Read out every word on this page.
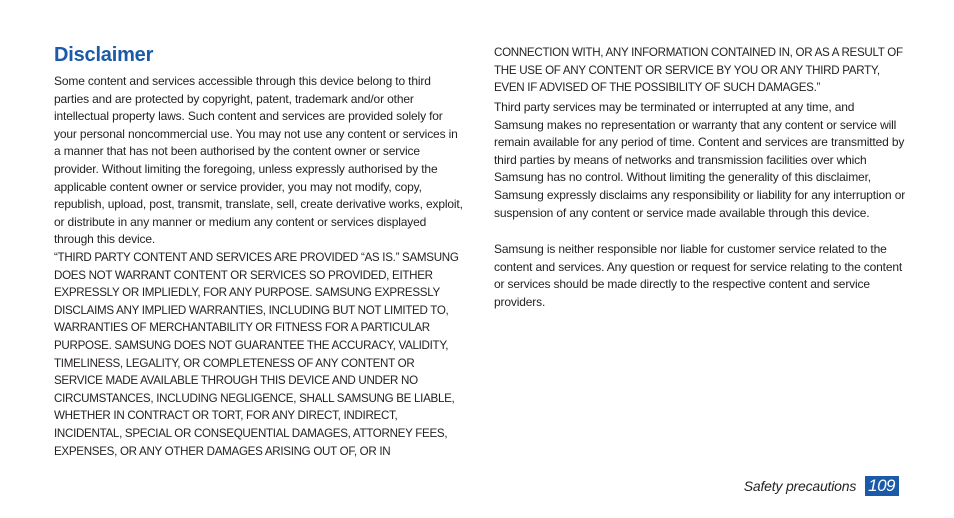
Disclaimer

Some content and services accessible through this device belong to third parties and are protected by copyright, patent, trademark and/or other intellectual property laws. Such content and services are provided solely for your personal noncommercial use. You may not use any content or services in a manner that has not been authorised by the content owner or service provider. Without limiting the foregoing, unless expressly authorised by the applicable content owner or service provider, you may not modify, copy, republish, upload, post, transmit, translate, sell, create derivative works, exploit, or distribute in any manner or medium any content or services displayed through this device.

“THIRD PARTY CONTENT AND SERVICES ARE PROVIDED “AS IS.” SAMSUNG DOES NOT WARRANT CONTENT OR SERVICES SO PROVIDED, EITHER EXPRESSLY OR IMPLIEDLY, FOR ANY PURPOSE. SAMSUNG EXPRESSLY DISCLAIMS ANY IMPLIED WARRANTIES, INCLUDING BUT NOT LIMITED TO, WARRANTIES OF MERCHANTABILITY OR FITNESS FOR A PARTICULAR PURPOSE. SAMSUNG DOES NOT GUARANTEE THE ACCURACY, VALIDITY, TIMELINESS, LEGALITY, OR COMPLETENESS OF ANY CONTENT OR SERVICE MADE AVAILABLE THROUGH THIS DEVICE AND UNDER NO CIRCUMSTANCES, INCLUDING NEGLIGENCE, SHALL SAMSUNG BE LIABLE, WHETHER IN CONTRACT OR TORT, FOR ANY DIRECT, INDIRECT, INCIDENTAL, SPECIAL OR CONSEQUENTIAL DAMAGES, ATTORNEY FEES, EXPENSES, OR ANY OTHER DAMAGES ARISING OUT OF, OR IN

CONNECTION WITH, ANY INFORMATION CONTAINED IN, OR AS A RESULT OF THE USE OF ANY CONTENT OR SERVICE BY YOU OR ANY THIRD PARTY, EVEN IF ADVISED OF THE POSSIBILITY OF SUCH DAMAGES.”

Third party services may be terminated or interrupted at any time, and Samsung makes no representation or warranty that any content or service will remain available for any period of time. Content and services are transmitted by third parties by means of networks and transmission facilities over which Samsung has no control. Without limiting the generality of this disclaimer, Samsung expressly disclaims any responsibility or liability for any interruption or suspension of any content or service made available through this device.

Samsung is neither responsible nor liable for customer service related to the content and services. Any question or request for service relating to the content or services should be made directly to the respective content and service providers.

Safety precautions 109
